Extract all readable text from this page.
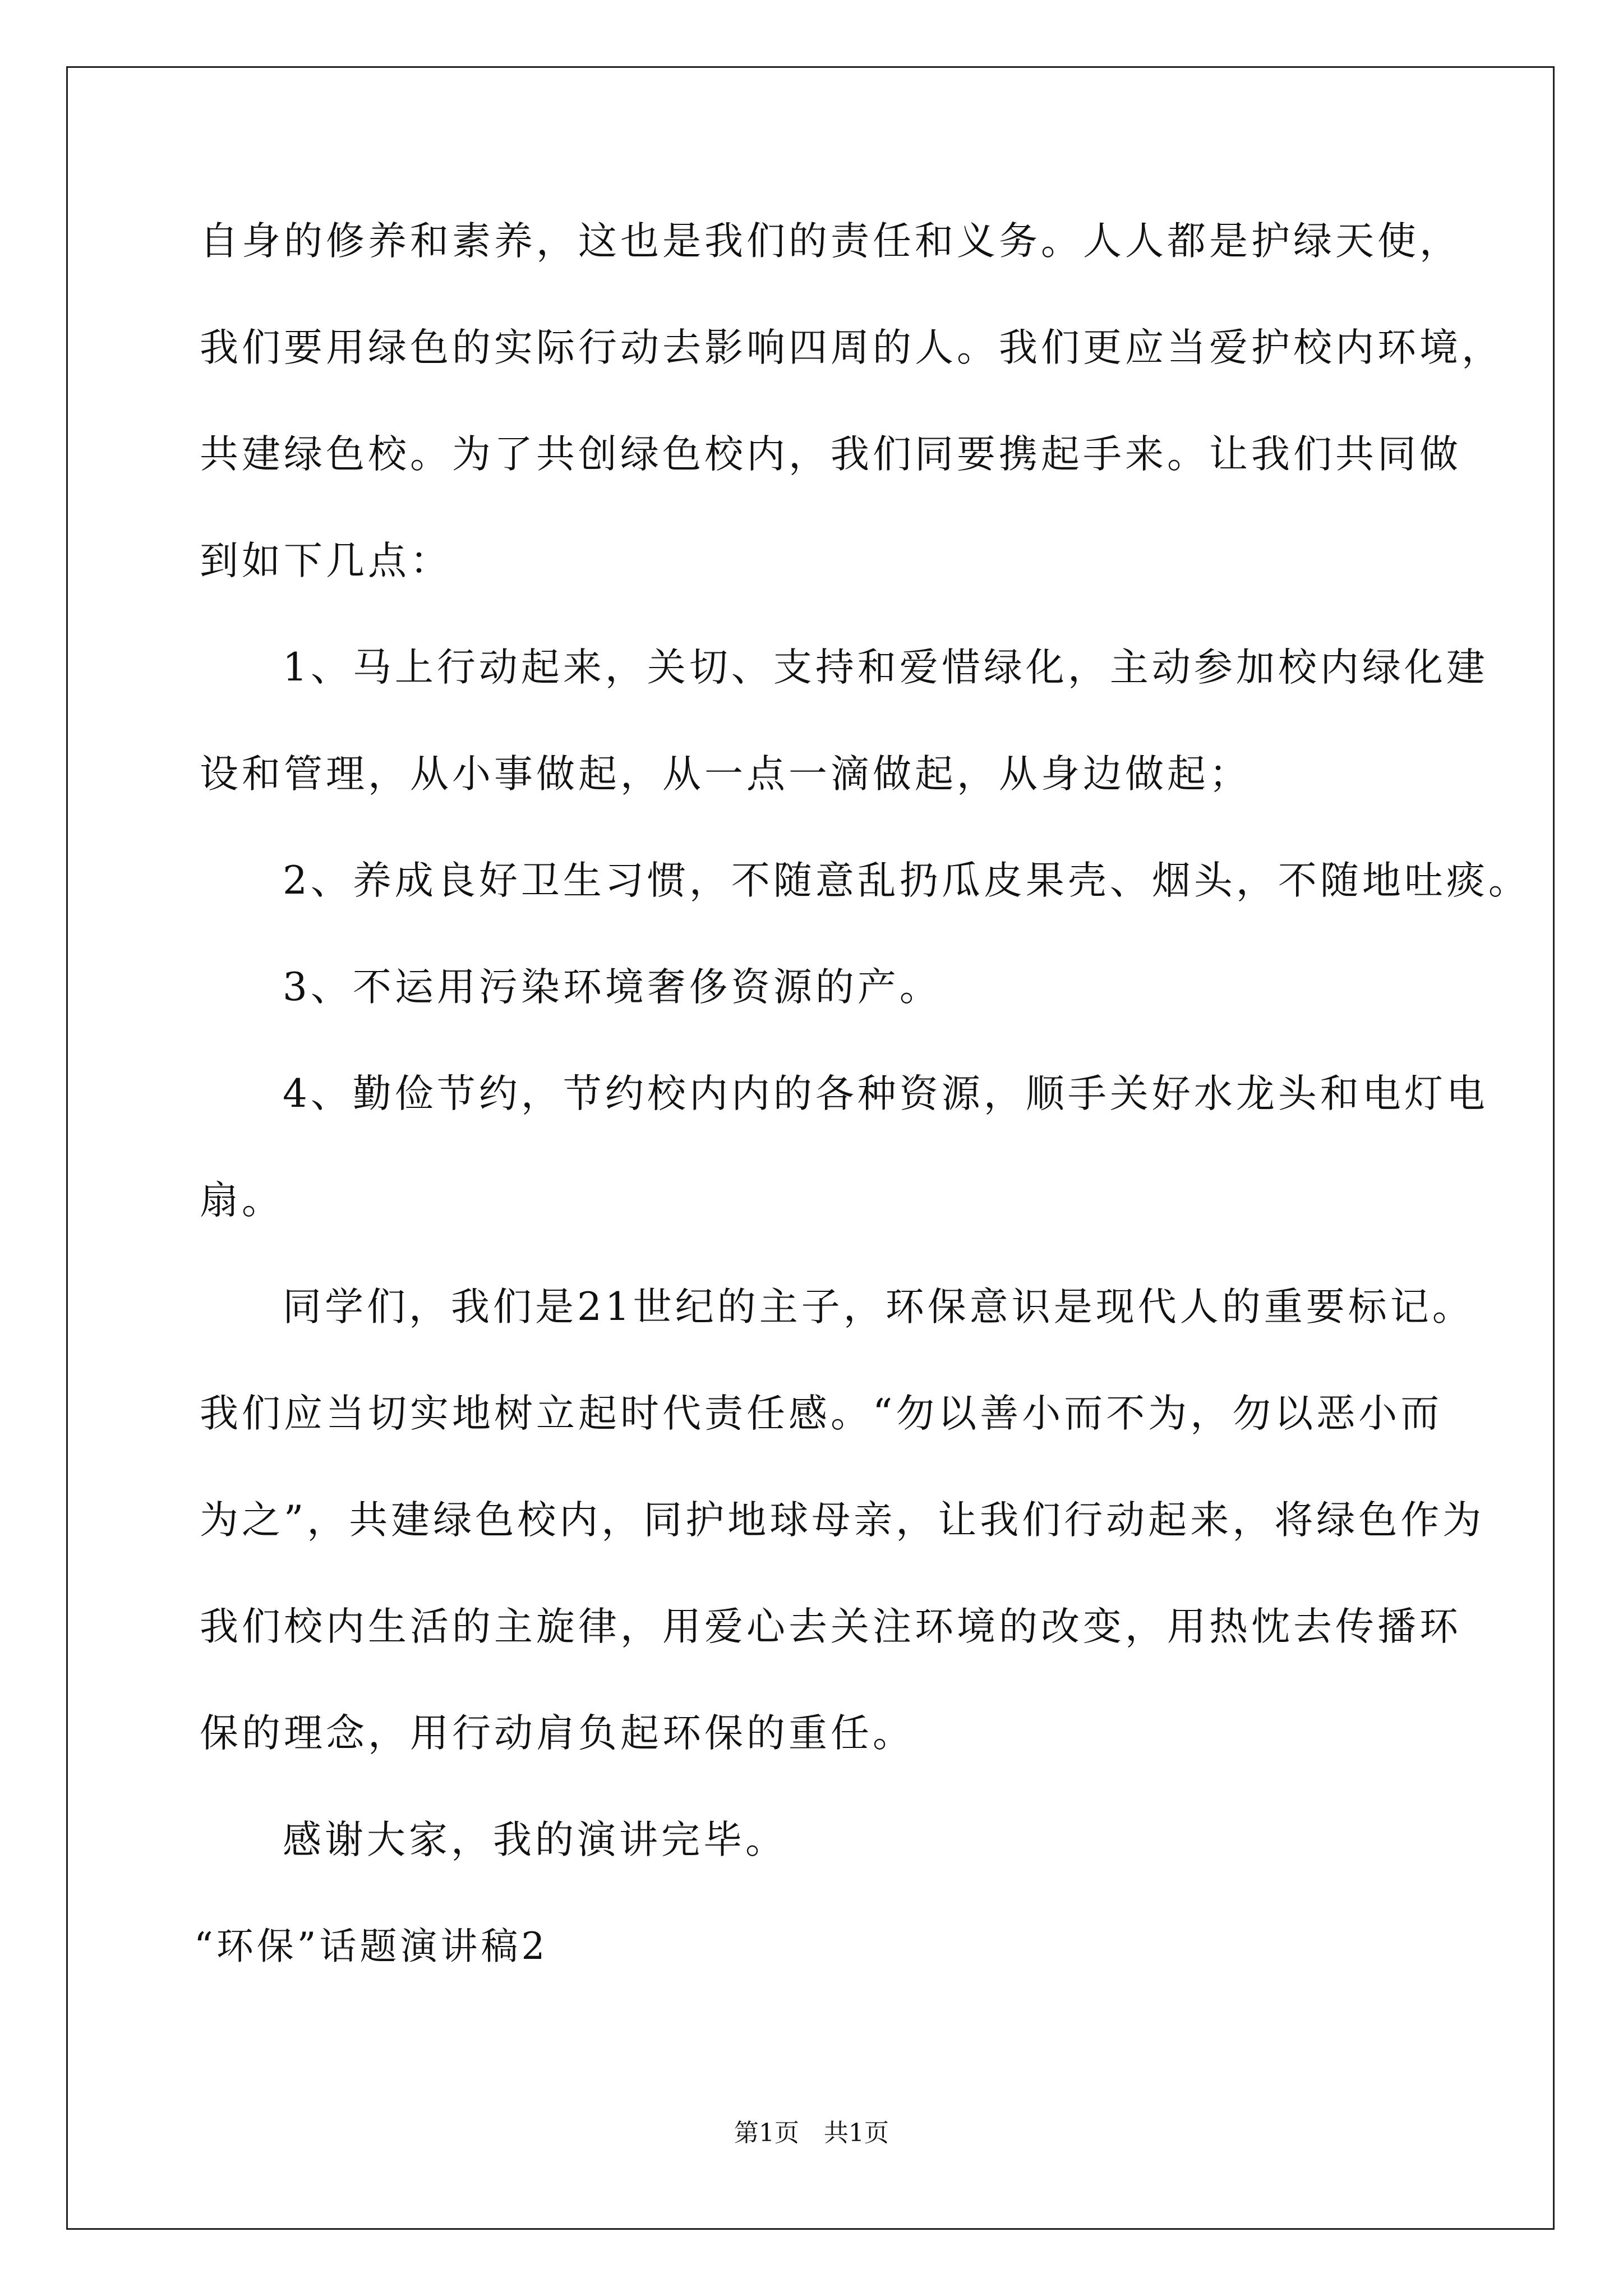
自身的修养和素养，这也是我们的责任和义务。人人都是护绿天使，
我们要用绿色的实际行动去影响四周的人。我们更应当爱护校内环境，
共建绿色校。为了共创绿色校内，我们同要携起手来。让我们共同做
到如下几点：
1、马上行动起来，关切、支持和爱惜绿化，主动参加校内绿化建
设和管理，从小事做起，从一点一滴做起，从身边做起；
2、养成良好卫生习惯，不随意乱扔瓜皮果壳、烟头，不随地吐痰。
3、不运用污染环境奢侈资源的产。
4、勤俭节约，节约校内内的各种资源，顺手关好水龙头和电灯电
扇。
同学们，我们是21世纪的主子，环保意识是现代人的重要标记。
我们应当切实地树立起时代责任感。“勿以善小而不为，勿以恶小而
为之”，共建绿色校内，同护地球母亲，让我们行动起来，将绿色作为
我们校内生活的主旋律，用爱心去关注环境的改变，用热忱去传播环
保的理念，用行动肩负起环保的重任。
感谢大家，我的演讲完毕。
“环保”话题演讲稿2
第1页　共1页
